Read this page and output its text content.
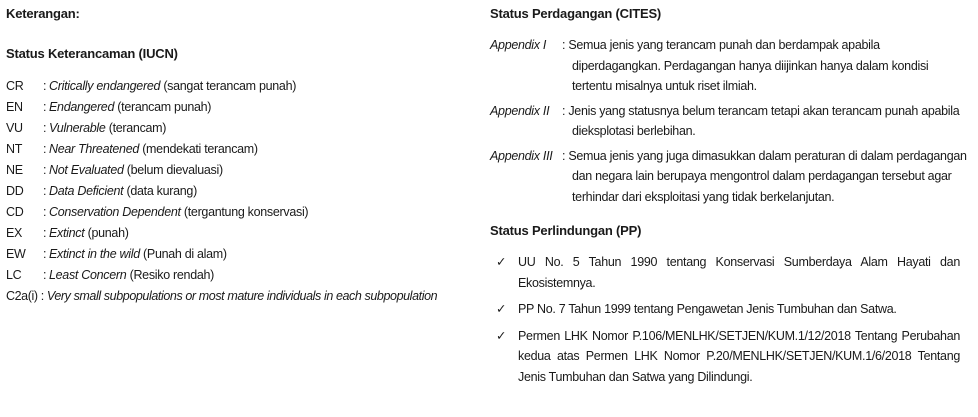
Keterangan:
Status Keterancaman (IUCN)
CR	: Critically endangered (sangat terancam punah)
EN	: Endangered (terancam punah)
VU	: Vulnerable (terancam)
NT	: Near Threatened (mendekati terancam)
NE	: Not Evaluated (belum dievaluasi)
DD	: Data Deficient (data kurang)
CD	: Conservation Dependent (tergantung konservasi)
EX	: Extinct (punah)
EW	: Extinct in the wild (Punah di alam)
LC	: Least Concern (Resiko rendah)
C2a(i) : Very small subpopulations or most mature individuals in each subpopulation
Status Perdagangan (CITES)
Appendix I	: Semua jenis yang terancam punah dan berdampak apabila diperdagangkan. Perdagangan hanya diijinkan hanya dalam kondisi tertentu misalnya untuk riset ilmiah.
Appendix II	: Jenis yang statusnya belum terancam tetapi akan terancam punah apabila dieksplotasi berlebihan.
Appendix III : Semua jenis yang juga dimasukkan dalam peraturan di dalam perdagangan dan negara lain berupaya mengontrol dalam perdagangan tersebut agar terhindar dari eksploitasi yang tidak berkelanjutan.
Status Perlindungan (PP)
✓ UU No. 5 Tahun 1990 tentang Konservasi Sumberdaya Alam Hayati dan Ekosistemnya.
✓ PP No. 7 Tahun 1999 tentang Pengawetan Jenis Tumbuhan dan Satwa.
✓ Permen LHK Nomor P.106/MENLHK/SETJEN/KUM.1/12/2018 Tentang Perubahan kedua atas Permen LHK Nomor P.20/MENLHK/SETJEN/KUM.1/6/2018 Tentang Jenis Tumbuhan dan Satwa yang Dilindungi.
